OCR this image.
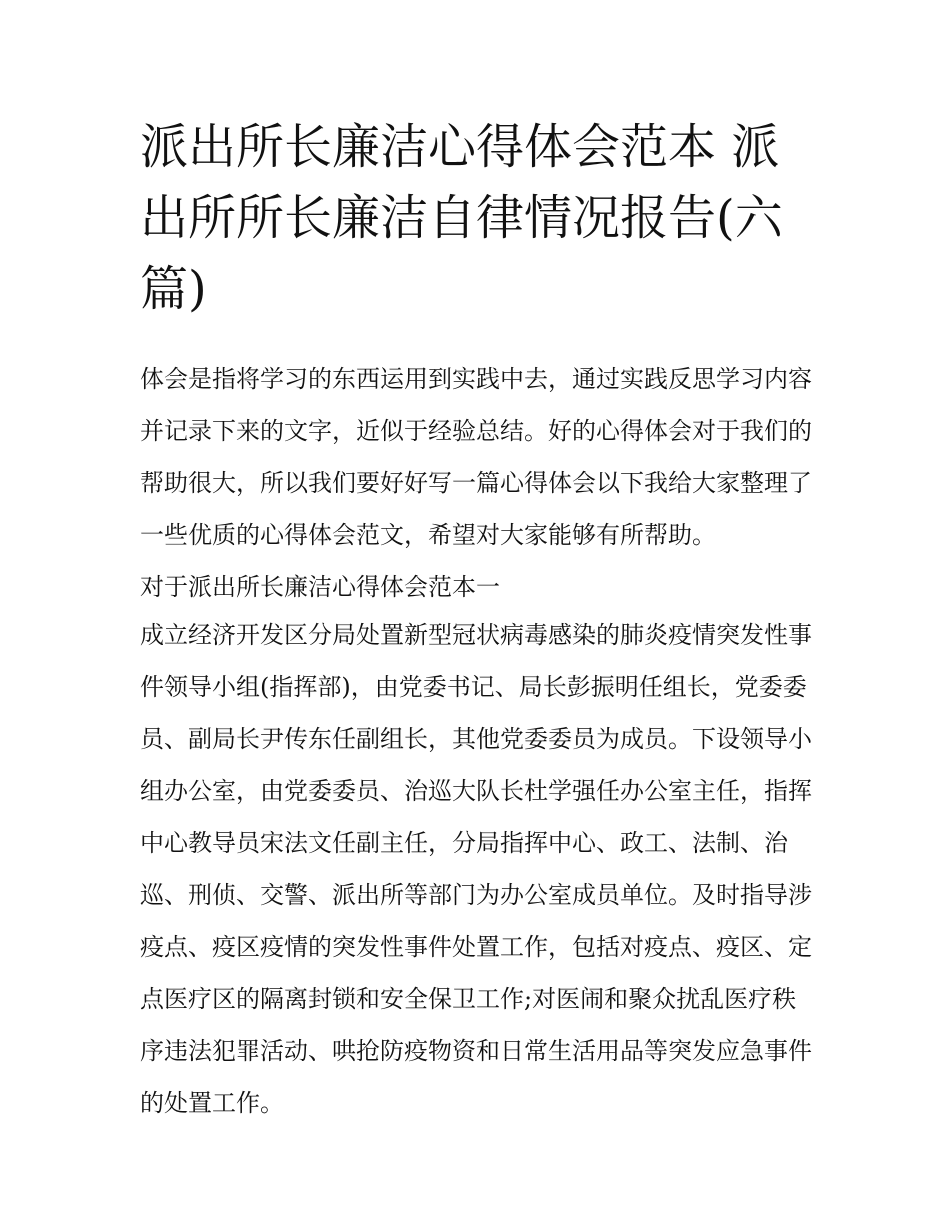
派出所长廉洁心得体会范本 派出所所长廉洁自律情况报告(六篇)

体会是指将学习的东西运用到实践中去，通过实践反思学习内容并记录下来的文字，近似于经验总结。好的心得体会对于我们的帮助很大，所以我们要好好写一篇心得体会以下我给大家整理了一些优质的心得体会范文，希望对大家能够有所帮助。

对于派出所长廉洁心得体会范本一

成立经济开发区分局处置新型冠状病毒感染的肺炎疫情突发性事件领导小组(指挥部)，由党委书记、局长彭振明任组长，党委委员、副局长尹传东任副组长，其他党委委员为成员。下设领导小组办公室，由党委委员、治巡大队长杜学强任办公室主任，指挥中心教导员宋法文任副主任，分局指挥中心、政工、法制、治巡、刑侦、交警、派出所等部门为办公室成员单位。及时指导涉疫点、疫区疫情的突发性事件处置工作，包括对疫点、疫区、定点医疗区的隔离封锁和安全保卫工作;对医闹和聚众扰乱医疗秩序违法犯罪活动、哄抢防疫物资和日常生活用品等突发应急事件的处置工作。
